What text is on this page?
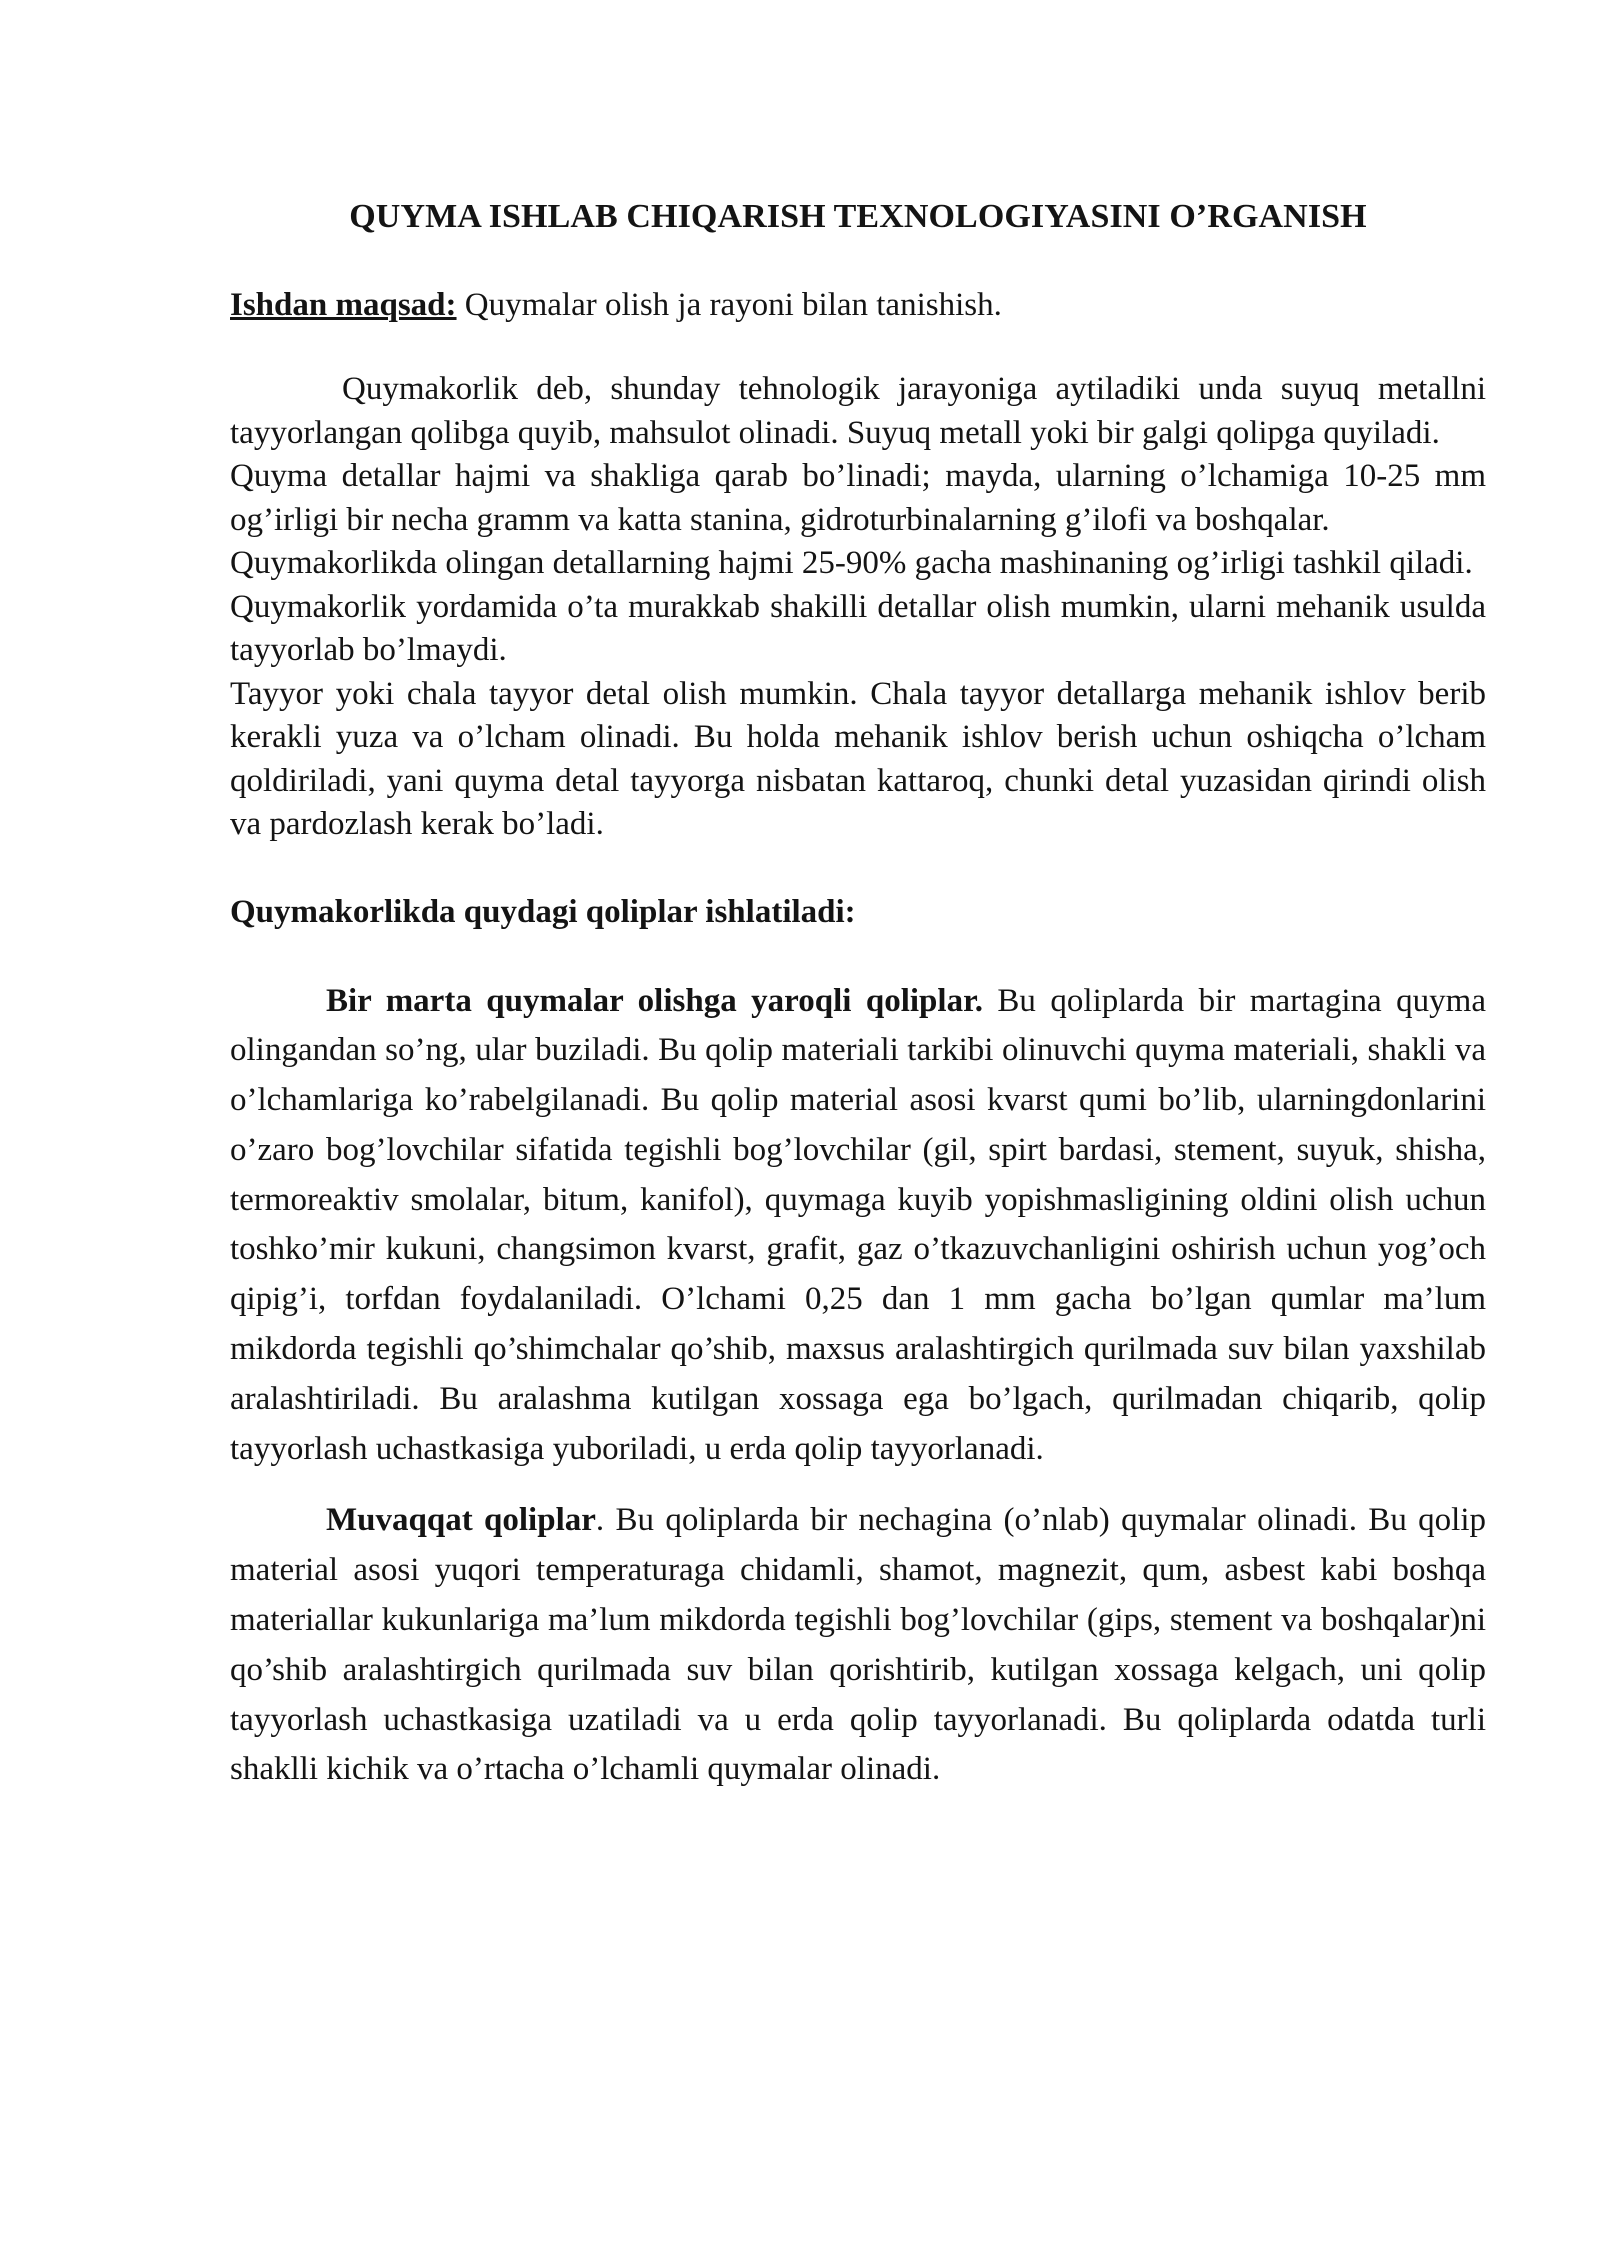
QUYMA ISHLAB CHIQARISH TEXNOLOGIYASINI O’RGANISH

Ishdan maqsad: Quymalar olish ja rayoni bilan tanishish.

Quymakorlik deb, shunday tehnologik jarayoniga aytiladiki unda suyuq metallni tayyorlangan qolibga quyib, mahsulot olinadi. Suyuq metall yoki bir galgi qolipga quyiladi.

Quyma detallar hajmi va shakliga qarab bo’linadi; mayda, ularning o’lchamiga 10-25 mm og’irligi bir necha gramm va katta stanina, gidroturbinalarning g’ilofi va boshqalar.

Quymakorlikda olingan detallarning hajmi 25-90% gacha mashinaning og’irligi tashkil qiladi.

Quymakorlik yordamida o’ta murakkab shakilli detallar olish mumkin, ularni mehanik usulda tayyorlab bo’lmaydi.

Tayyor yoki chala tayyor detal olish mumkin. Chala tayyor detallarga mehanik ishlov berib kerakli yuza va o’lcham olinadi. Bu holda mehanik ishlov berish uchun oshiqcha o’lcham qoldiriladi, yani quyma detal tayyorga nisbatan kattaroq, chunki detal yuzasidan qirindi olish va pardozlash kerak bo’ladi.

Quymakorlikda quydagi qoliplar ishlatiladi:

Bir marta quymalar olishga yaroqli qoliplar. Bu qoliplarda bir martagina quyma olingandan so’ng, ular buziladi. Bu qolip materiali tarkibi olinuvchi quyma materiali, shakli va o’lchamlariga ko’rabelgilanadi. Bu qolip material asosi kvarst qumi bo’lib, ularningdonlarini o’zaro bog’lovchilar sifatida tegishli bog’lovchilar (gil, spirt bardasi, stement, suyuk, shisha, termoreaktiv smolalar, bitum, kanifol), quymaga kuyib yopishmasligining oldini olish uchun toshko’mir kukuni, changsimon kvarst, grafit, gaz o’tkazuvchanligini oshirish uchun yog’och qipig’i, torfdan foydalaniladi. O’lchami 0,25 dan 1 mm gacha bo’lgan qumlar ma’lum mikdorda tegishli qo’shimchalar qo’shib, maxsus aralashtirgich qurilmada suv bilan yaxshilab aralashtiriladi. Bu aralashma kutilgan xossaga ega bo’lgach, qurilmadan chiqarib, qolip tayyorlash uchastkasiga yuboriladi, u erda qolip tayyorlanadi.

Muvaqqat qoliplar. Bu qoliplarda bir nechagina (o’nlab) quymalar olinadi. Bu qolip material asosi yuqori temperaturaga chidamli, shamot, magnezit, qum, asbest kabi boshqa materiallar kukunlariga ma’lum mikdorda tegishli bog’lovchilar (gips, stement va boshqalar)ni qo’shib aralashtirgich qurilmada suv bilan qorishtirib, kutilgan xossaga kelgach, uni qolip tayyorlash uchastkasiga uzatiladi va u erda qolip tayyorlanadi. Bu qoliplarda odatda turli shaklli kichik va o’rtacha o’lchamli quymalar olinadi.
